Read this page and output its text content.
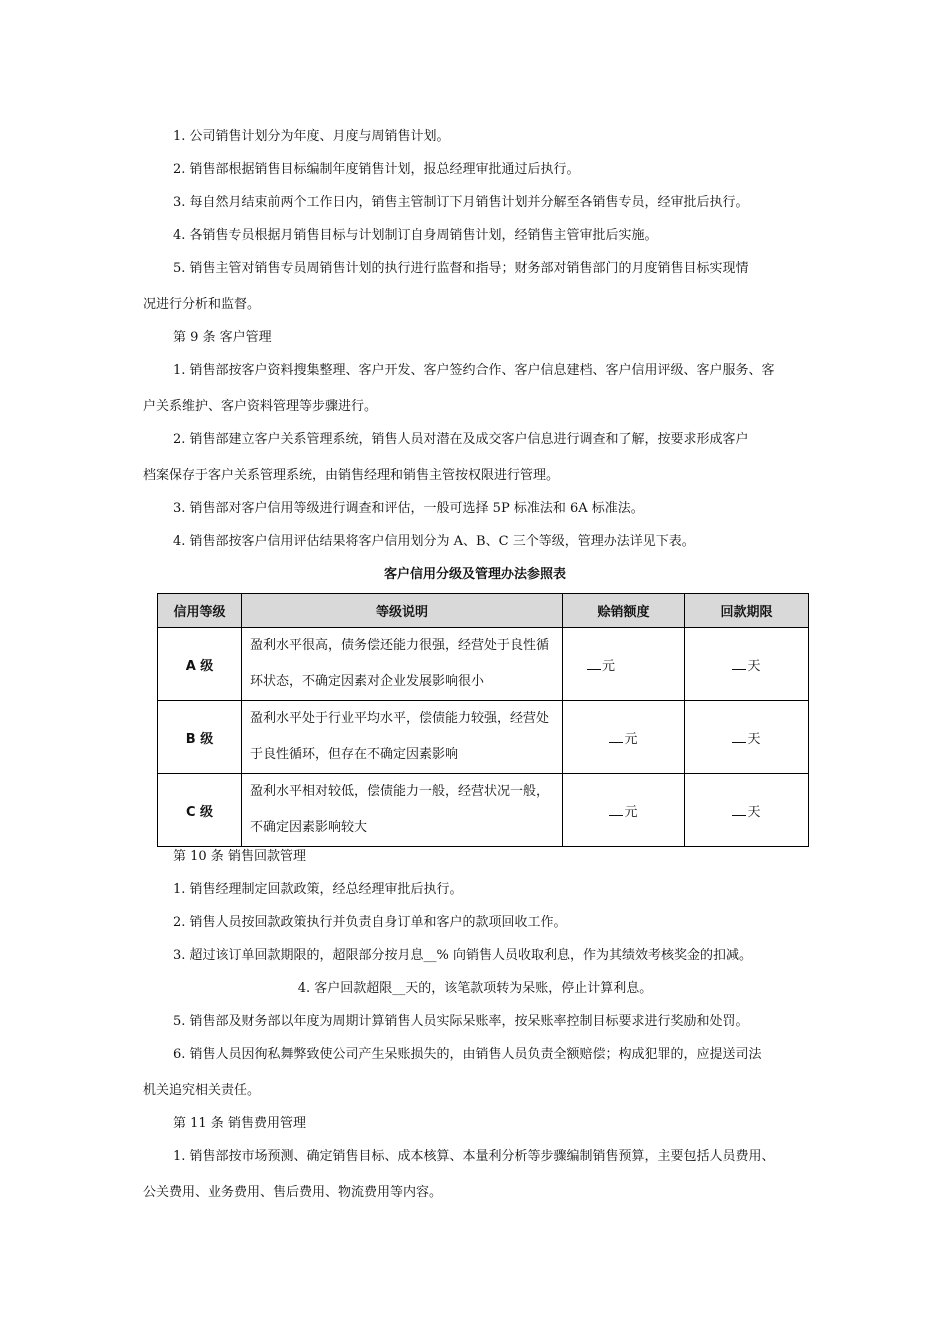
1. 公司销售计划分为年度、月度与周销售计划。
2. 销售部根据销售目标编制年度销售计划，报总经理审批通过后执行。
3. 每自然月结束前两个工作日内，销售主管制订下月销售计划并分解至各销售专员，经审批后执行。
4. 各销售专员根据月销售目标与计划制订自身周销售计划，经销售主管审批后实施。
5. 销售主管对销售专员周销售计划的执行进行监督和指导；财务部对销售部门的月度销售目标实现情
况进行分析和监督。
第 9 条 客户管理
1. 销售部按客户资料搜集整理、客户开发、客户签约合作、客户信息建档、客户信用评级、客户服务、客
户关系维护、客户资料管理等步骤进行。
2. 销售部建立客户关系管理系统，销售人员对潜在及成交客户信息进行调查和了解，按要求形成客户
档案保存于客户关系管理系统，由销售经理和销售主管按权限进行管理。
3. 销售部对客户信用等级进行调查和评估，一般可选择 5P 标准法和 6A 标准法。
4. 销售部按客户信用评估结果将客户信用划分为 A、B、C 三个等级，管理办法详见下表。
客户信用分级及管理办法参照表
信用等级	等级说明	赊销额度	回款期限
A 级	盈利水平很高，债务偿还能力很强，经营处于良性循环状态，不确定因素对企业发展影响很小	元	天
B 级	盈利水平处于行业平均水平，偿债能力较强，经营处于良性循环，但存在不确定因素影响	元	天
C 级	盈利水平相对较低，偿债能力一般，经营状况一般，不确定因素影响较大	元	天
第 10 条 销售回款管理
1. 销售经理制定回款政策，经总经理审批后执行。
2. 销售人员按回款政策执行并负责自身订单和客户的款项回收工作。
3. 超过该订单回款期限的，超限部分按月息__% 向销售人员收取利息，作为其绩效考核奖金的扣减。
4. 客户回款超限__天的，该笔款项转为呆账，停止计算利息。
5. 销售部及财务部以年度为周期计算销售人员实际呆账率，按呆账率控制目标要求进行奖励和处罚。
6. 销售人员因徇私舞弊致使公司产生呆账损失的，由销售人员负责全额赔偿；构成犯罪的，应提送司法
机关追究相关责任。
第 11 条 销售费用管理
1. 销售部按市场预测、确定销售目标、成本核算、本量利分析等步骤编制销售预算，主要包括人员费用、
公关费用、业务费用、售后费用、物流费用等内容。
